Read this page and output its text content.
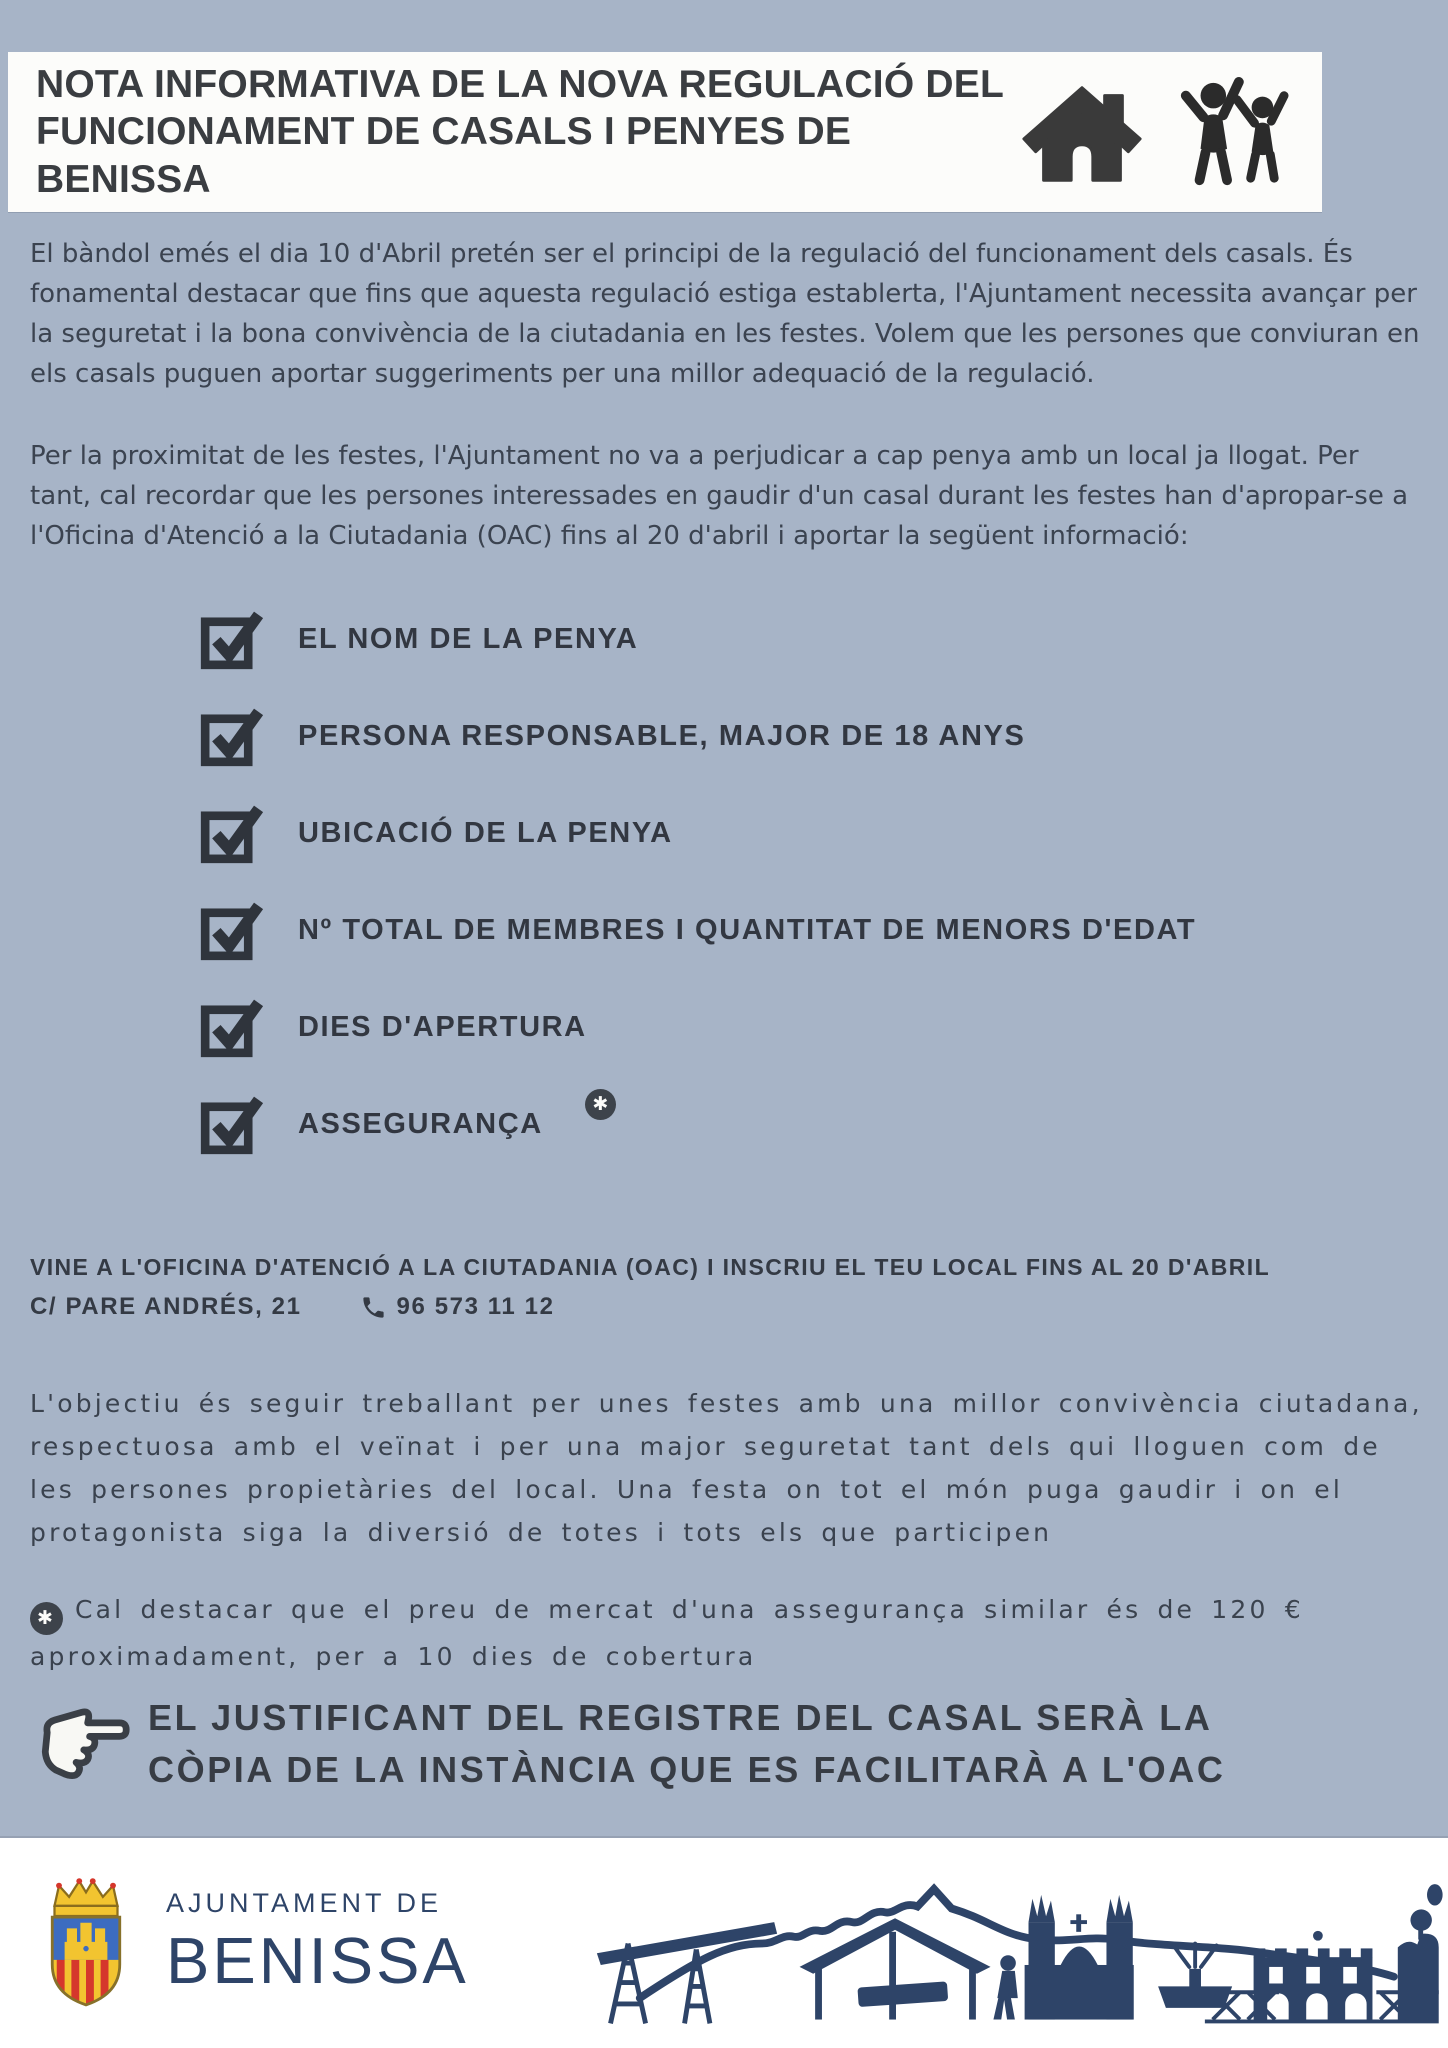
NOTA INFORMATIVA DE LA NOVA REGULACIÓ DEL
FUNCIONAMENT DE CASALS I PENYES DE BENISSA

El bàndol emés el dia 10 d'Abril pretén ser el principi de la regulació del funcionament dels casals. És fonamental destacar que fins que aquesta regulació estiga establerta, l'Ajuntament necessita avançar per la seguretat i la bona convivència de la ciutadania en les festes. Volem que les persones que conviuran en els casals puguen aportar suggeriments per una millor adequació de la regulació.

Per la proximitat de les festes, l'Ajuntament no va a perjudicar a cap penya amb un local ja llogat. Per tant, cal recordar que les persones interessades en gaudir d'un casal durant les festes han d'apropar-se a l'Oficina d'Atenció a la Ciutadania (OAC) fins al 20 d'abril i aportar la següent informació:

EL NOM DE LA PENYA
PERSONA RESPONSABLE, MAJOR DE 18 ANYS
UBICACIÓ DE LA PENYA
Nº TOTAL DE MEMBRES I QUANTITAT DE MENORS D'EDAT
DIES D'APERTURA
ASSEGURANÇA
✱
VINE A L'OFICINA D'ATENCIÓ A LA CIUTADANIA (OAC) I INSCRIU EL TEU LOCAL FINS AL 20 D'ABRIL
C/ PARE ANDRÉS, 21	96 573 11 12

L'objectiu és seguir treballant per unes festes amb una millor convivència ciutadana, respectuosa amb el veïnat i per una major seguretat tant dels qui lloguen com de les persones propietàries del local. Una festa on tot el món puga gaudir i on el protagonista siga la diversió de totes i tots els que participen

✱ Cal destacar que el preu de mercat d'una assegurança similar és de 120 € aproximadament, per a 10 dies de cobertura

EL JUSTIFICANT DEL REGISTRE DEL CASAL SERÀ LA
CÒPIA DE LA INSTÀNCIA QUE ES FACILITARÀ A L'OAC
AJUNTAMENT DE
BENISSA
